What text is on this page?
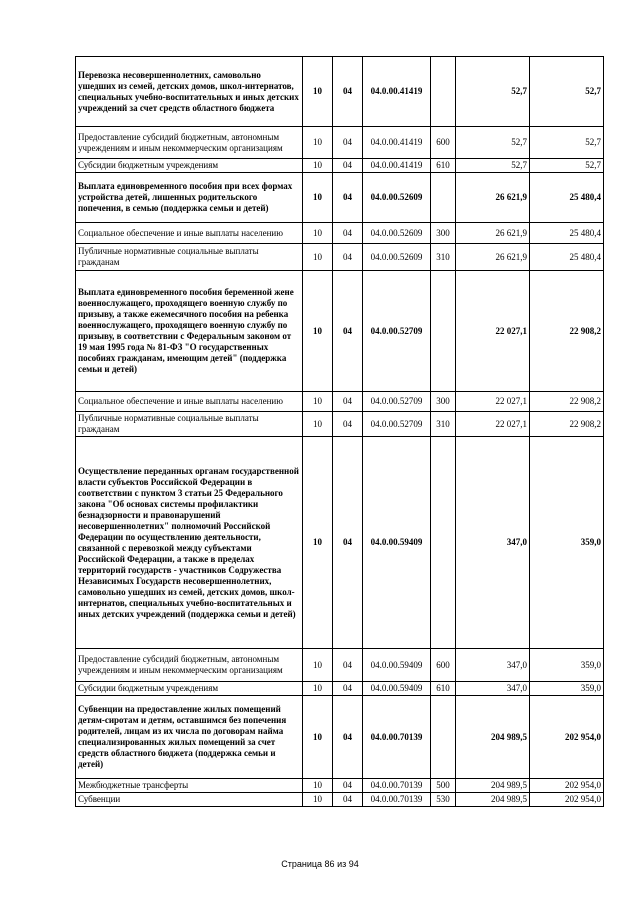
Перевозка несовершеннолетних, самовольно ушедших из семей, детских домов, школ-интернатов, специальных учебно-воспитательных и иных детских учреждений за счет средств областного бюджета	10	04	04.0.00.41419		52,7	52,7
Предоставление субсидий бюджетным, автономным учреждениям и иным некоммерческим организациям	10	04	04.0.00.41419	600	52,7	52,7
Субсидии бюджетным учреждениям	10	04	04.0.00.41419	610	52,7	52,7
Выплата единовременного пособия при всех формах устройства детей, лишенных родительского попечения, в семью (поддержка семьи и детей)	10	04	04.0.00.52609		26 621,9	25 480,4
Социальное обеспечение и иные выплаты населению	10	04	04.0.00.52609	300	26 621,9	25 480,4
Публичные нормативные социальные выплаты гражданам	10	04	04.0.00.52609	310	26 621,9	25 480,4
Выплата единовременного пособия беременной жене военнослужащего, проходящего военную службу по призыву, а также ежемесячного пособия на ребенка военнослужащего, проходящего военную службу по призыву, в соответствии с Федеральным законом от 19 мая 1995 года № 81-ФЗ "О государственных пособиях гражданам, имеющим детей" (поддержка семьи и детей)	10	04	04.0.00.52709		22 027,1	22 908,2
Социальное обеспечение и иные выплаты населению	10	04	04.0.00.52709	300	22 027,1	22 908,2
Публичные нормативные социальные выплаты гражданам	10	04	04.0.00.52709	310	22 027,1	22 908,2
Осуществление переданных органам государственной власти субъектов Российской Федерации в соответствии с пунктом 3 статьи 25 Федерального закона "Об основах системы профилактики безнадзорности и правонарушений несовершеннолетних" полномочий Российской Федерации по осуществлению деятельности, связанной с перевозкой между субъектами Российской Федерации, а также в пределах территорий государств - участников Содружества Независимых Государств несовершеннолетних, самовольно ушедших из семей, детских домов, школ-интернатов, специальных учебно-воспитательных и иных детских учреждений (поддержка семьи и детей)	10	04	04.0.00.59409		347,0	359,0
Предоставление субсидий бюджетным, автономным учреждениям и иным некоммерческим организациям	10	04	04.0.00.59409	600	347,0	359,0
Субсидии бюджетным учреждениям	10	04	04.0.00.59409	610	347,0	359,0
Субвенции на предоставление жилых помещений детям-сиротам и детям, оставшимся без попечения родителей, лицам из их числа по договорам найма специализированных жилых помещений за счет средств областного бюджета (поддержка семьи и детей)	10	04	04.0.00.70139		204 989,5	202 954,0
Межбюджетные трансферты	10	04	04.0.00.70139	500	204 989,5	202 954,0
Субвенции	10	04	04.0.00.70139	530	204 989,5	202 954,0
Страница 86 из 94
